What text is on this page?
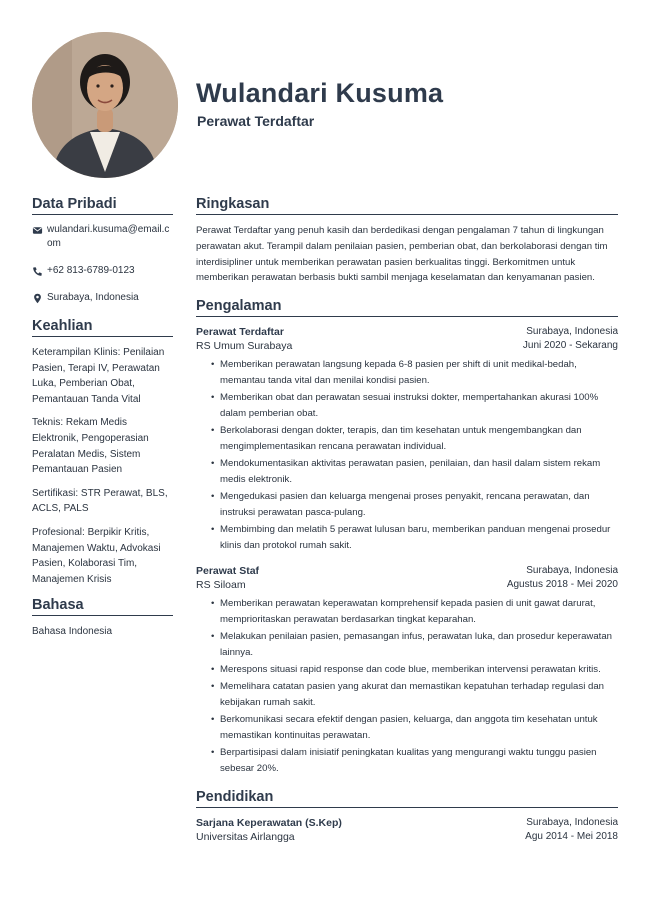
Wulandari Kusuma
Perawat Terdaftar
Data Pribadi
wulandari.kusuma@email.com
+62 813-6789-0123
Surabaya, Indonesia
Keahlian
Keterampilan Klinis: Penilaian Pasien, Terapi IV, Perawatan Luka, Pemberian Obat, Pemantauan Tanda Vital
Teknis: Rekam Medis Elektronik, Pengoperasian Peralatan Medis, Sistem Pemantauan Pasien
Sertifikasi: STR Perawat, BLS, ACLS, PALS
Profesional: Berpikir Kritis, Manajemen Waktu, Advokasi Pasien, Kolaborasi Tim, Manajemen Krisis
Bahasa
Bahasa Indonesia
Ringkasan

Perawat Terdaftar yang penuh kasih dan berdedikasi dengan pengalaman 7 tahun di lingkungan perawatan akut. Terampil dalam penilaian pasien, pemberian obat, dan berkolaborasi dengan tim interdisipliner untuk memberikan perawatan pasien berkualitas tinggi. Berkomitmen untuk memberikan perawatan berbasis bukti sambil menjaga keselamatan dan kenyamanan pasien.

Pengalaman
Perawat Terdaftar	Surabaya, Indonesia
RS Umum Surabaya	Juni 2020 - Sekarang
• Memberikan perawatan langsung kepada 6-8 pasien per shift di unit medikal-bedah, memantau tanda vital dan menilai kondisi pasien.
• Memberikan obat dan perawatan sesuai instruksi dokter, mempertahankan akurasi 100% dalam pemberian obat.
• Berkolaborasi dengan dokter, terapis, dan tim kesehatan untuk mengembangkan dan mengimplementasikan rencana perawatan individual.
• Mendokumentasikan aktivitas perawatan pasien, penilaian, dan hasil dalam sistem rekam medis elektronik.
• Mengedukasi pasien dan keluarga mengenai proses penyakit, rencana perawatan, dan instruksi perawatan pasca-pulang.
• Membimbing dan melatih 5 perawat lulusan baru, memberikan panduan mengenai prosedur klinis dan protokol rumah sakit.
Perawat Staf	Surabaya, Indonesia
RS Siloam	Agustus 2018 - Mei 2020
• Memberikan perawatan keperawatan komprehensif kepada pasien di unit gawat darurat, memprioritaskan perawatan berdasarkan tingkat keparahan.
• Melakukan penilaian pasien, pemasangan infus, perawatan luka, dan prosedur keperawatan lainnya.
• Merespons situasi rapid response dan code blue, memberikan intervensi perawatan kritis.
• Memelihara catatan pasien yang akurat dan memastikan kepatuhan terhadap regulasi dan kebijakan rumah sakit.
• Berkomunikasi secara efektif dengan pasien, keluarga, dan anggota tim kesehatan untuk memastikan kontinuitas perawatan.
• Berpartisipasi dalam inisiatif peningkatan kualitas yang mengurangi waktu tunggu pasien sebesar 20%.
Pendidikan
Sarjana Keperawatan (S.Kep)	Surabaya, Indonesia
Universitas Airlangga	Agu 2014 - Mei 2018
